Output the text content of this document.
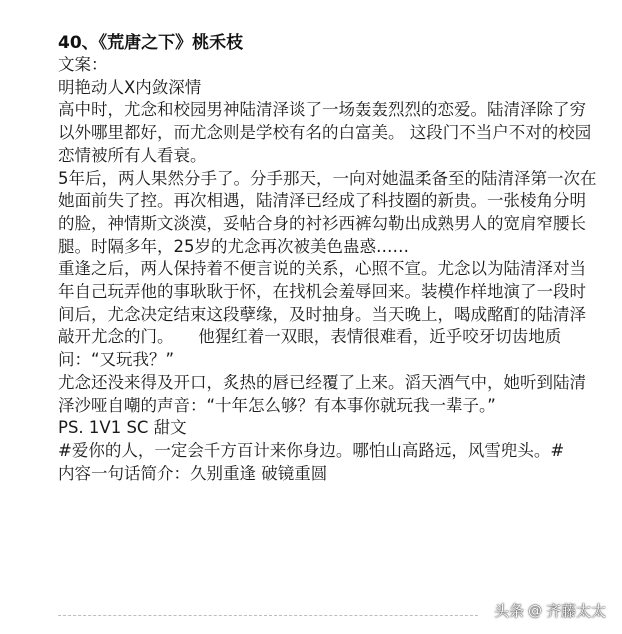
40、《荒唐之下》桃禾枝

文案：

明艳动人X内敛深情

高中时，尤念和校园男神陆清泽谈了一场轰轰烈烈的恋爱。陆清泽除了穷以外哪里都好，而尤念则是学校有名的白富美。 这段门不当户不对的校园恋情被所有人看衰。

5年后，两人果然分手了。分手那天，一向对她温柔备至的陆清泽第一次在她面前失了控。再次相遇，陆清泽已经成了科技圈的新贵。一张棱角分明的脸，神情斯文淡漠，妥帖合身的衬衫西裤勾勒出成熟男人的宽肩窄腰长腿。时隔多年，25岁的尤念再次被美色蛊惑……

重逢之后，两人保持着不便言说的关系，心照不宣。尤念以为陆清泽对当年自己玩弄他的事耿耿于怀，在找机会羞辱回来。装模作样地演了一段时间后，尤念决定结束这段孽缘，及时抽身。当天晚上，喝成酩酊的陆清泽敲开尤念的门。　　他猩红着一双眼，表情很难看，近乎咬牙切齿地质问：“又玩我？”

尤念还没来得及开口，炙热的唇已经覆了上来。滔天酒气中，她听到陆清泽沙哑自嘲的声音：“十年怎么够？有本事你就玩我一辈子。”

PS. 1V1 SC 甜文

#爱你的人，一定会千方百计来你身边。哪怕山高路远，风雪兜头。#

内容一句话简介：久别重逢 破镜重圆

头条 @ 齐藤太太
